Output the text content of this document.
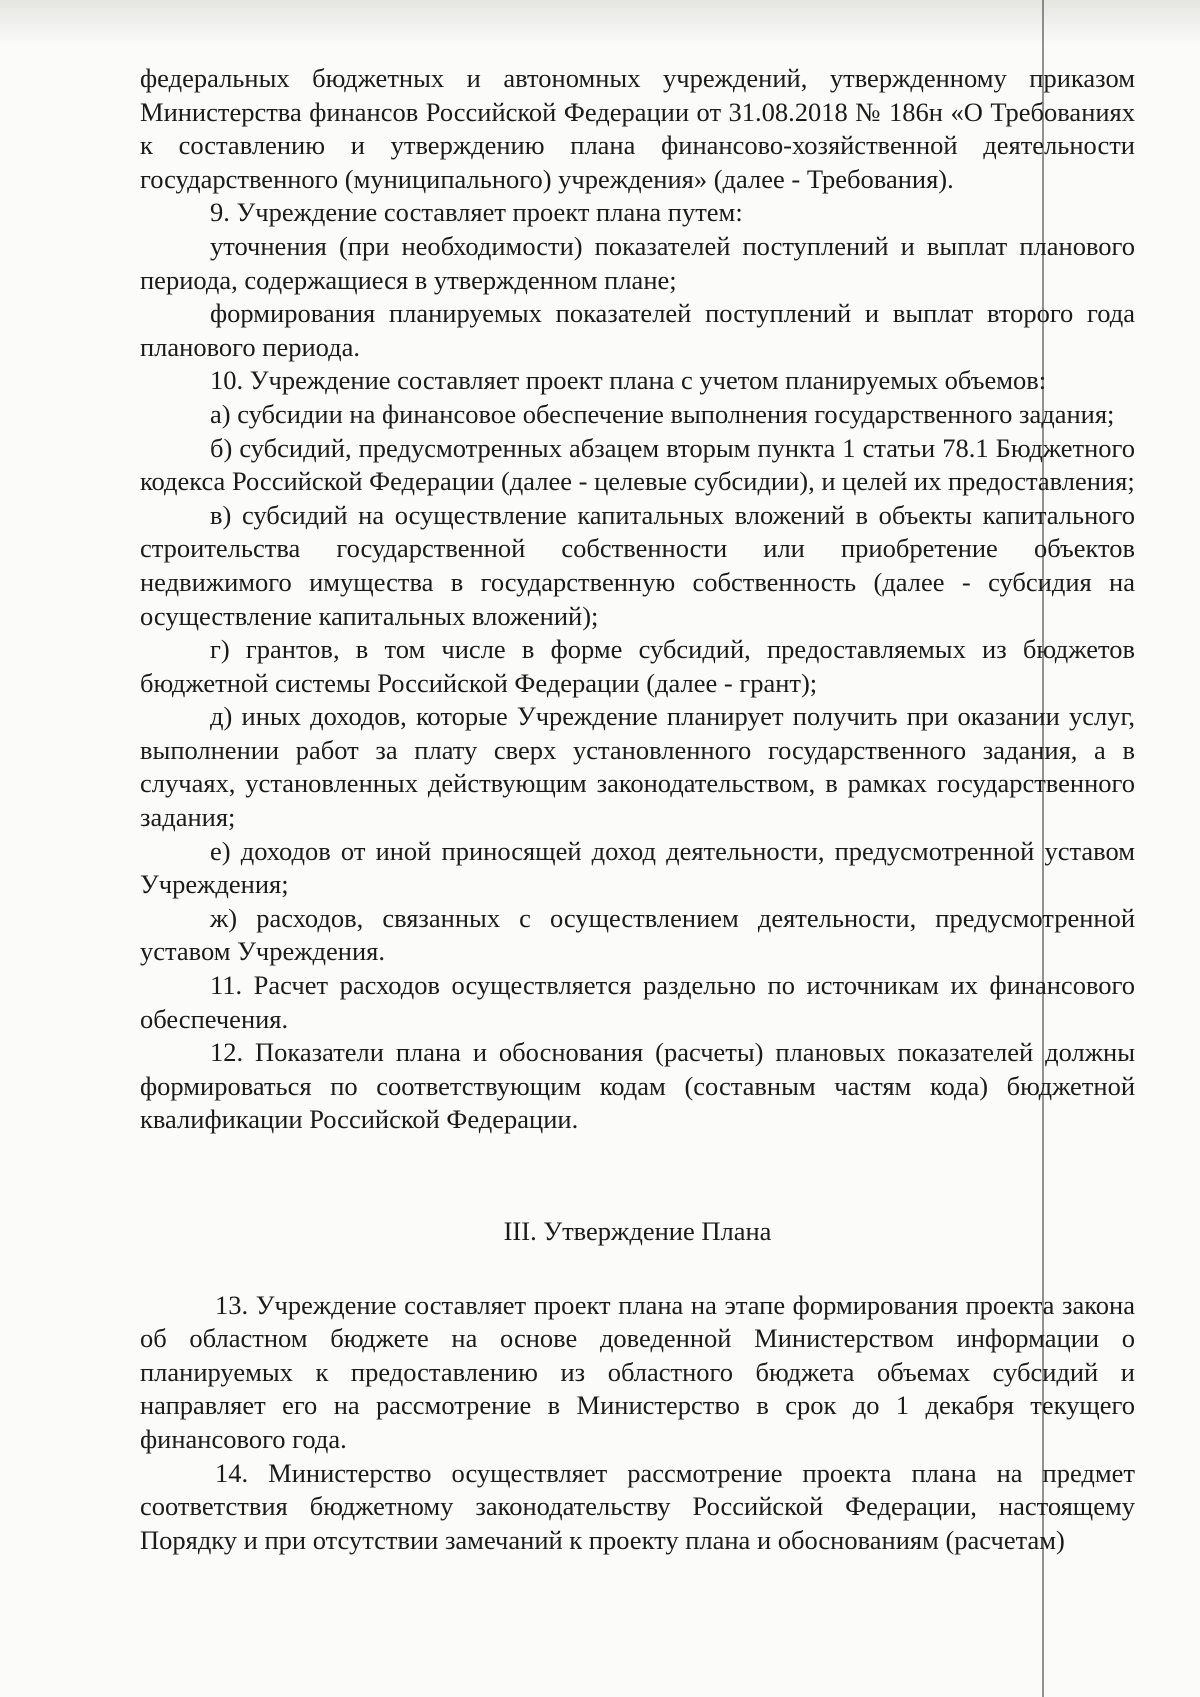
федеральных бюджетных и автономных учреждений, утвержденному приказом Министерства финансов Российской Федерации от 31.08.2018 № 186н «О Требованиях к составлению и утверждению плана финансово-хозяйственной деятельности государственного (муниципального) учреждения» (далее - Требования).

9. Учреждение составляет проект плана путем:

уточнения (при необходимости) показателей поступлений и выплат планового периода, содержащиеся в утвержденном плане;

формирования планируемых показателей поступлений и выплат второго года планового периода.

10. Учреждение составляет проект плана с учетом планируемых объемов:

а) субсидии на финансовое обеспечение выполнения государственного задания;

б) субсидий, предусмотренных абзацем вторым пункта 1 статьи 78.1 Бюджетного кодекса Российской Федерации (далее - целевые субсидии), и целей их предоставления;

в) субсидий на осуществление капитальных вложений в объекты капитального строительства государственной собственности или приобретение объектов недвижимого имущества в государственную собственность (далее - субсидия на осуществление капитальных вложений);

г) грантов, в том числе в форме субсидий, предоставляемых из бюджетов бюджетной системы Российской Федерации (далее - грант);

д) иных доходов, которые Учреждение планирует получить при оказании услуг, выполнении работ за плату сверх установленного государственного задания, а в случаях, установленных действующим законодательством, в рамках государственного задания;

е) доходов от иной приносящей доход деятельности, предусмотренной уставом Учреждения;

ж) расходов, связанных с осуществлением деятельности, предусмотренной уставом Учреждения.

11. Расчет расходов осуществляется раздельно по источникам их финансового обеспечения.

12. Показатели плана и обоснования (расчеты) плановых показателей должны формироваться по соответствующим кодам (составным частям кода) бюджетной квалификации Российской Федерации.

III. Утверждение Плана

13. Учреждение составляет проект плана на этапе формирования проекта закона об областном бюджете на основе доведенной Министерством информации о планируемых к предоставлению из областного бюджета объемах субсидий и направляет его на рассмотрение в Министерство в срок до 1 декабря текущего финансового года.

14. Министерство осуществляет рассмотрение проекта плана на предмет соответствия бюджетному законодательству Российской Федерации, настоящему Порядку и при отсутствии замечаний к проекту плана и обоснованиям (расчетам)
